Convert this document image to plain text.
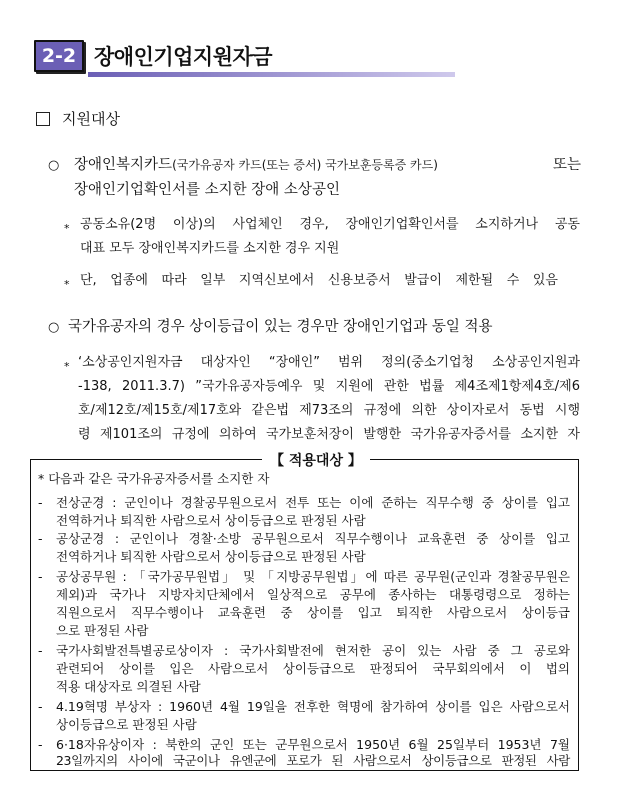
2-2 장애인기업지원자금
지원대상
○ 장애인복지카드(국가유공자 카드(또는 증서) 국가보훈등록증 카드)	또는
장애인기업확인서를 소지한 장애 소상공인
* 공동소유(2명 이상)의 사업체인 경우, 장애인기업확인서를 소지하거나 공동
대표 모두 장애인복지카드를 소지한 경우 지원
* 단, 업종에 따라 일부 지역신보에서 신용보증서 발급이 제한될 수 있음
○ 국가유공자의 경우 상이등급이 있는 경우만 장애인기업과 동일 적용
* ‘소상공인지원자금 대상자인 “장애인” 범위 정의(중소기업청 소상공인지원과
-138, 2011.3.7) ”국가유공자등예우 및 지원에 관한 법률 제4조제1항제4호/제6
호/제12호/제15호/제17호와 같은법 제73조의 규정에 의한 상이자로서 동법 시행
령 제101조의 규정에 의하여 국가보훈처장이 발행한 국가유공자증서를 소지한 자
【 적용대상 】
* 다음과 같은 국가유공자증서를 소지한 자
- 전상군경 : 군인이나 경찰공무원으로서 전투 또는 이에 준하는 직무수행 중 상이를 입고
전역하거나 퇴직한 사람으로서 상이등급으로 판정된 사람
- 공상군경 : 군인이나 경찰·소방 공무원으로서 직무수행이나 교육훈련 중 상이를 입고
전역하거나 퇴직한 사람으로서 상이등급으로 판정된 사람
- 공상공무원 : 「국가공무원법」 및 「지방공무원법」에 따른 공무원(군인과 경찰공무원은
제외)과 국가나 지방자치단체에서 일상적으로 공무에 종사하는 대통령령으로 정하는
직원으로서 직무수행이나 교육훈련 중 상이를 입고 퇴직한 사람으로서 상이등급
으로 판정된 사람
- 국가사회발전특별공로상이자 : 국가사회발전에 현저한 공이 있는 사람 중 그 공로와
관련되어 상이를 입은 사람으로서 상이등급으로 판정되어 국무회의에서 이 법의
적용 대상자로 의결된 사람
- 4.19혁명 부상자 : 1960년 4월 19일을 전후한 혁명에 참가하여 상이를 입은 사람으로서
상이등급으로 판정된 사람
- 6·18자유상이자 : 북한의 군인 또는 군무원으로서 1950년 6월 25일부터 1953년 7월
23일까지의 사이에 국군이나 유엔군에 포로가 된 사람으로서 상이등급으로 판정된 사람
